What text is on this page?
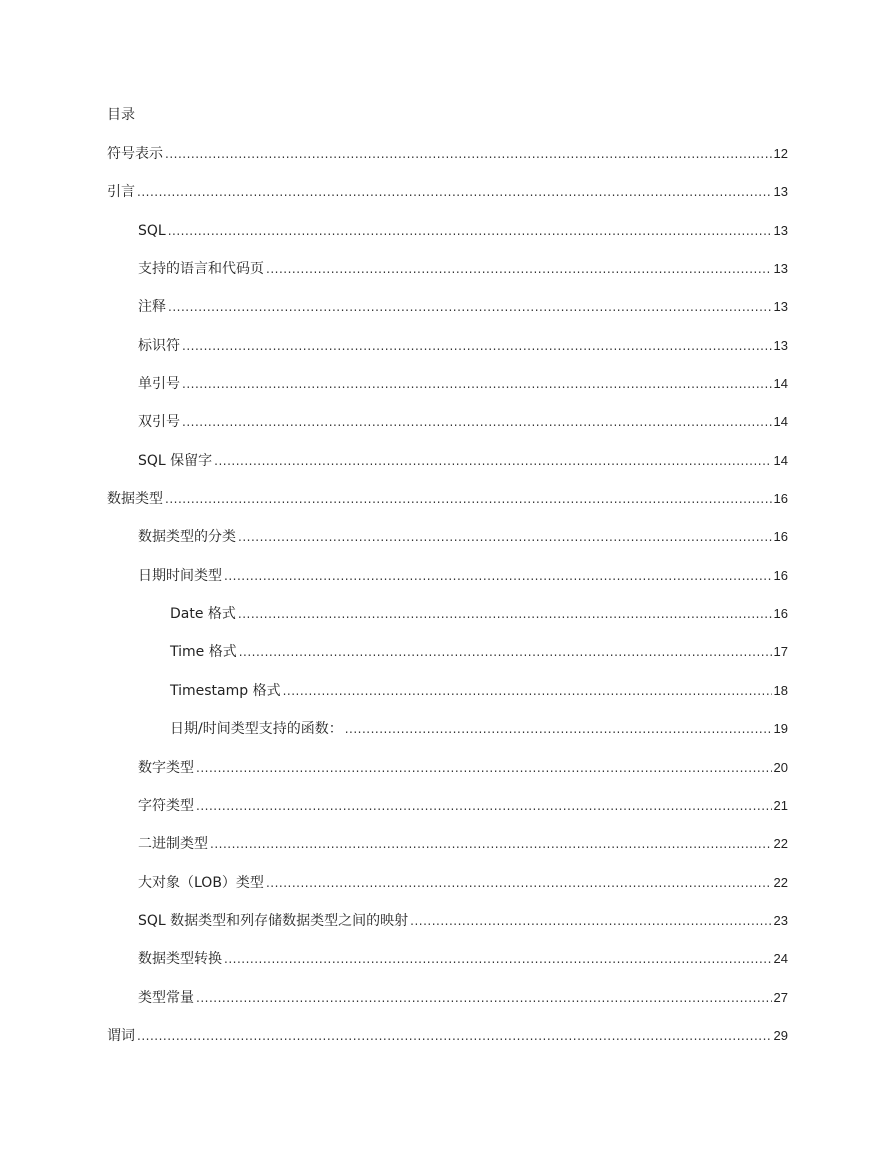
目录
符号表示 .....	12
引言 .....	13
SQL .....	13
支持的语言和代码页 .....	13
注释 .....	13
标识符 .....	13
单引号 .....	14
双引号 .....	14
SQL 保留字 .....	14
数据类型 .....	16
数据类型的分类 .....	16
日期时间类型 .....	16
Date 格式 .....	16
Time 格式 .....	17
Timestamp 格式 .....	18
日期/时间类型支持的函数： .....	19
数字类型 .....	20
字符类型 .....	21
二进制类型 .....	22
大对象（LOB）类型 .....	22
SQL 数据类型和列存储数据类型之间的映射 .....	23
数据类型转换 .....	24
类型常量 .....	27
谓词 .....	29
